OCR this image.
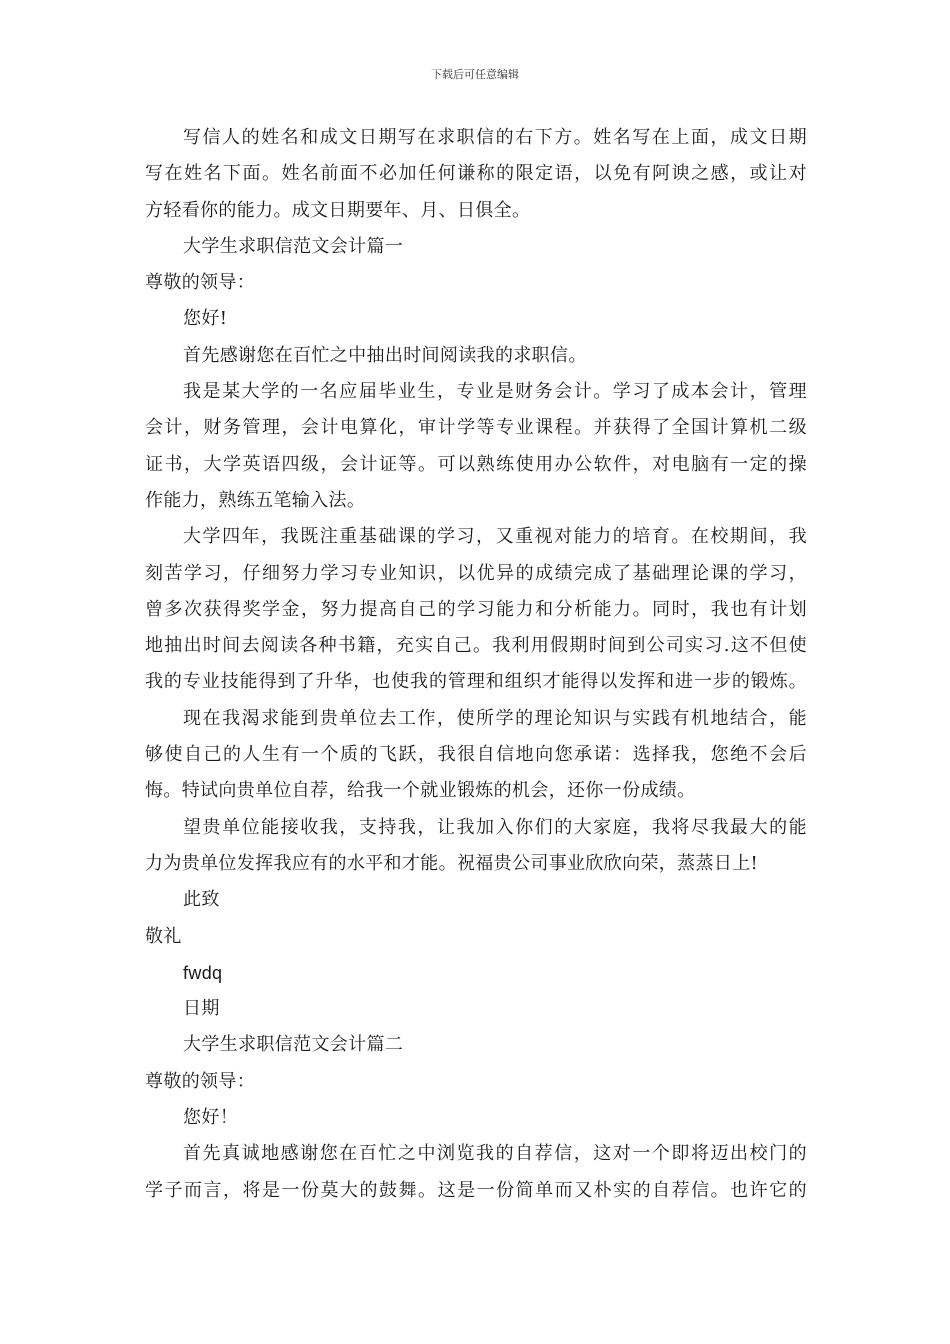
下载后可任意编辑
写信人的姓名和成文日期写在求职信的右下方。姓名写在上面，成文日期
写在姓名下面。姓名前面不必加任何谦称的限定语，以免有阿谀之感，或让对
方轻看你的能力。成文日期要年、月、日俱全。
大学生求职信范文会计篇一
尊敬的领导：
您好!
首先感谢您在百忙之中抽出时间阅读我的求职信。
我是某大学的一名应届毕业生，专业是财务会计。学习了成本会计，管理
会计，财务管理，会计电算化，审计学等专业课程。并获得了全国计算机二级
证书，大学英语四级，会计证等。可以熟练使用办公软件，对电脑有一定的操
作能力，熟练五笔输入法。
大学四年，我既注重基础课的学习，又重视对能力的培育。在校期间，我
刻苦学习，仔细努力学习专业知识，以优异的成绩完成了基础理论课的学习，
曾多次获得奖学金，努力提高自己的学习能力和分析能力。同时，我也有计划
地抽出时间去阅读各种书籍，充实自己。我利用假期时间到公司实习.这不但使
我的专业技能得到了升华，也使我的管理和组织才能得以发挥和进一步的锻炼。
现在我渴求能到贵单位去工作，使所学的理论知识与实践有机地结合，能
够使自己的人生有一个质的飞跃，我很自信地向您承诺：选择我，您绝不会后
悔。特试向贵单位自荐，给我一个就业锻炼的机会，还你一份成绩。
望贵单位能接收我，支持我，让我加入你们的大家庭，我将尽我最大的能
力为贵单位发挥我应有的水平和才能。祝福贵公司事业欣欣向荣，蒸蒸日上!
此致
敬礼
fwdq
日期
大学生求职信范文会计篇二
尊敬的领导：
您好！
首先真诚地感谢您在百忙之中浏览我的自荐信，这对一个即将迈出校门的
学子而言，将是一份莫大的鼓舞。这是一份简单而又朴实的自荐信。也许它的
